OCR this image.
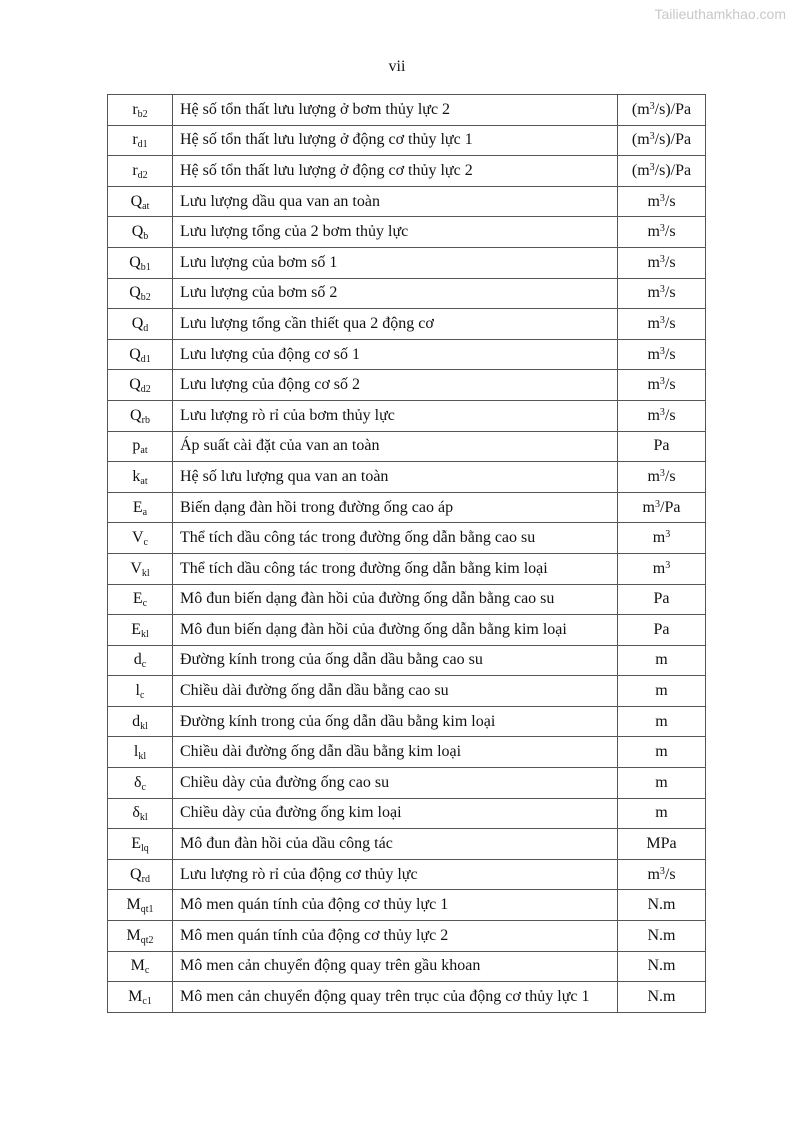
Tailieuthamkhao.com
vii
$r_{b2}$	Hệ số tổn thất lưu lượng ở bơm thủy lực 2	$(m^3/s)/Pa$
$r_{d1}$	Hệ số tổn thất lưu lượng ở động cơ thủy lực 1	$(m^3/s)/Pa$
$r_{d2}$	Hệ số tổn thất lưu lượng ở động cơ thủy lực 2	$(m^3/s)/Pa$
$Q_{at}$	Lưu lượng dầu qua van an toàn	$m^3/s$
$Q_b$	Lưu lượng tổng của 2 bơm thủy lực	$m^3/s$
$Q_{b1}$	Lưu lượng của bơm số 1	$m^3/s$
$Q_{b2}$	Lưu lượng của bơm số 2	$m^3/s$
$Q_d$	Lưu lượng tổng cần thiết qua 2 động cơ	$m^3/s$
$Q_{d1}$	Lưu lượng của động cơ số 1	$m^3/s$
$Q_{d2}$	Lưu lượng của động cơ số 2	$m^3/s$
$Q_{rb}$	Lưu lượng rò rỉ của bơm thủy lực	$m^3/s$
$p_{at}$	Áp suất cài đặt của van an toàn	Pa
$k_{at}$	Hệ số lưu lượng qua van an toàn	$m^3/s$
$E_a$	Biến dạng đàn hồi trong đường ống cao áp	$m^3/Pa$
$V_c$	Thể tích dầu công tác trong đường ống dẫn bằng cao su	$m^3$
$V_{kl}$	Thể tích dầu công tác trong đường ống dẫn bằng kim loại	$m^3$
$E_c$	Mô đun biến dạng đàn hồi của đường ống dẫn bằng cao su	Pa
$E_{kl}$	Mô đun biến dạng đàn hồi của đường ống dẫn bằng kim loại	Pa
$d_c$	Đường kính trong của ống dẫn dầu bằng cao su	m
$l_c$	Chiều dài đường ống dẫn dầu bằng cao su	m
$d_{kl}$	Đường kính trong của ống dẫn dầu bằng kim loại	m
$l_{kl}$	Chiều dài đường ống dẫn dầu bằng kim loại	m
$\delta_c$	Chiều dày của đường ống cao su	m
$\delta_{kl}$	Chiều dày của đường ống kim loại	m
$E_{lq}$	Mô đun đàn hồi của dầu công tác	MPa
$Q_{rd}$	Lưu lượng rò rỉ của động cơ thủy lực	$m^3/s$
$M_{qt1}$	Mô men quán tính của động cơ thủy lực 1	N.m
$M_{qt2}$	Mô men quán tính của động cơ thủy lực 2	N.m
$M_c$	Mô men cản chuyển động quay trên gầu khoan	N.m
$M_{c1}$	Mô men cản chuyển động quay trên trục của động cơ thủy lực 1	N.m
